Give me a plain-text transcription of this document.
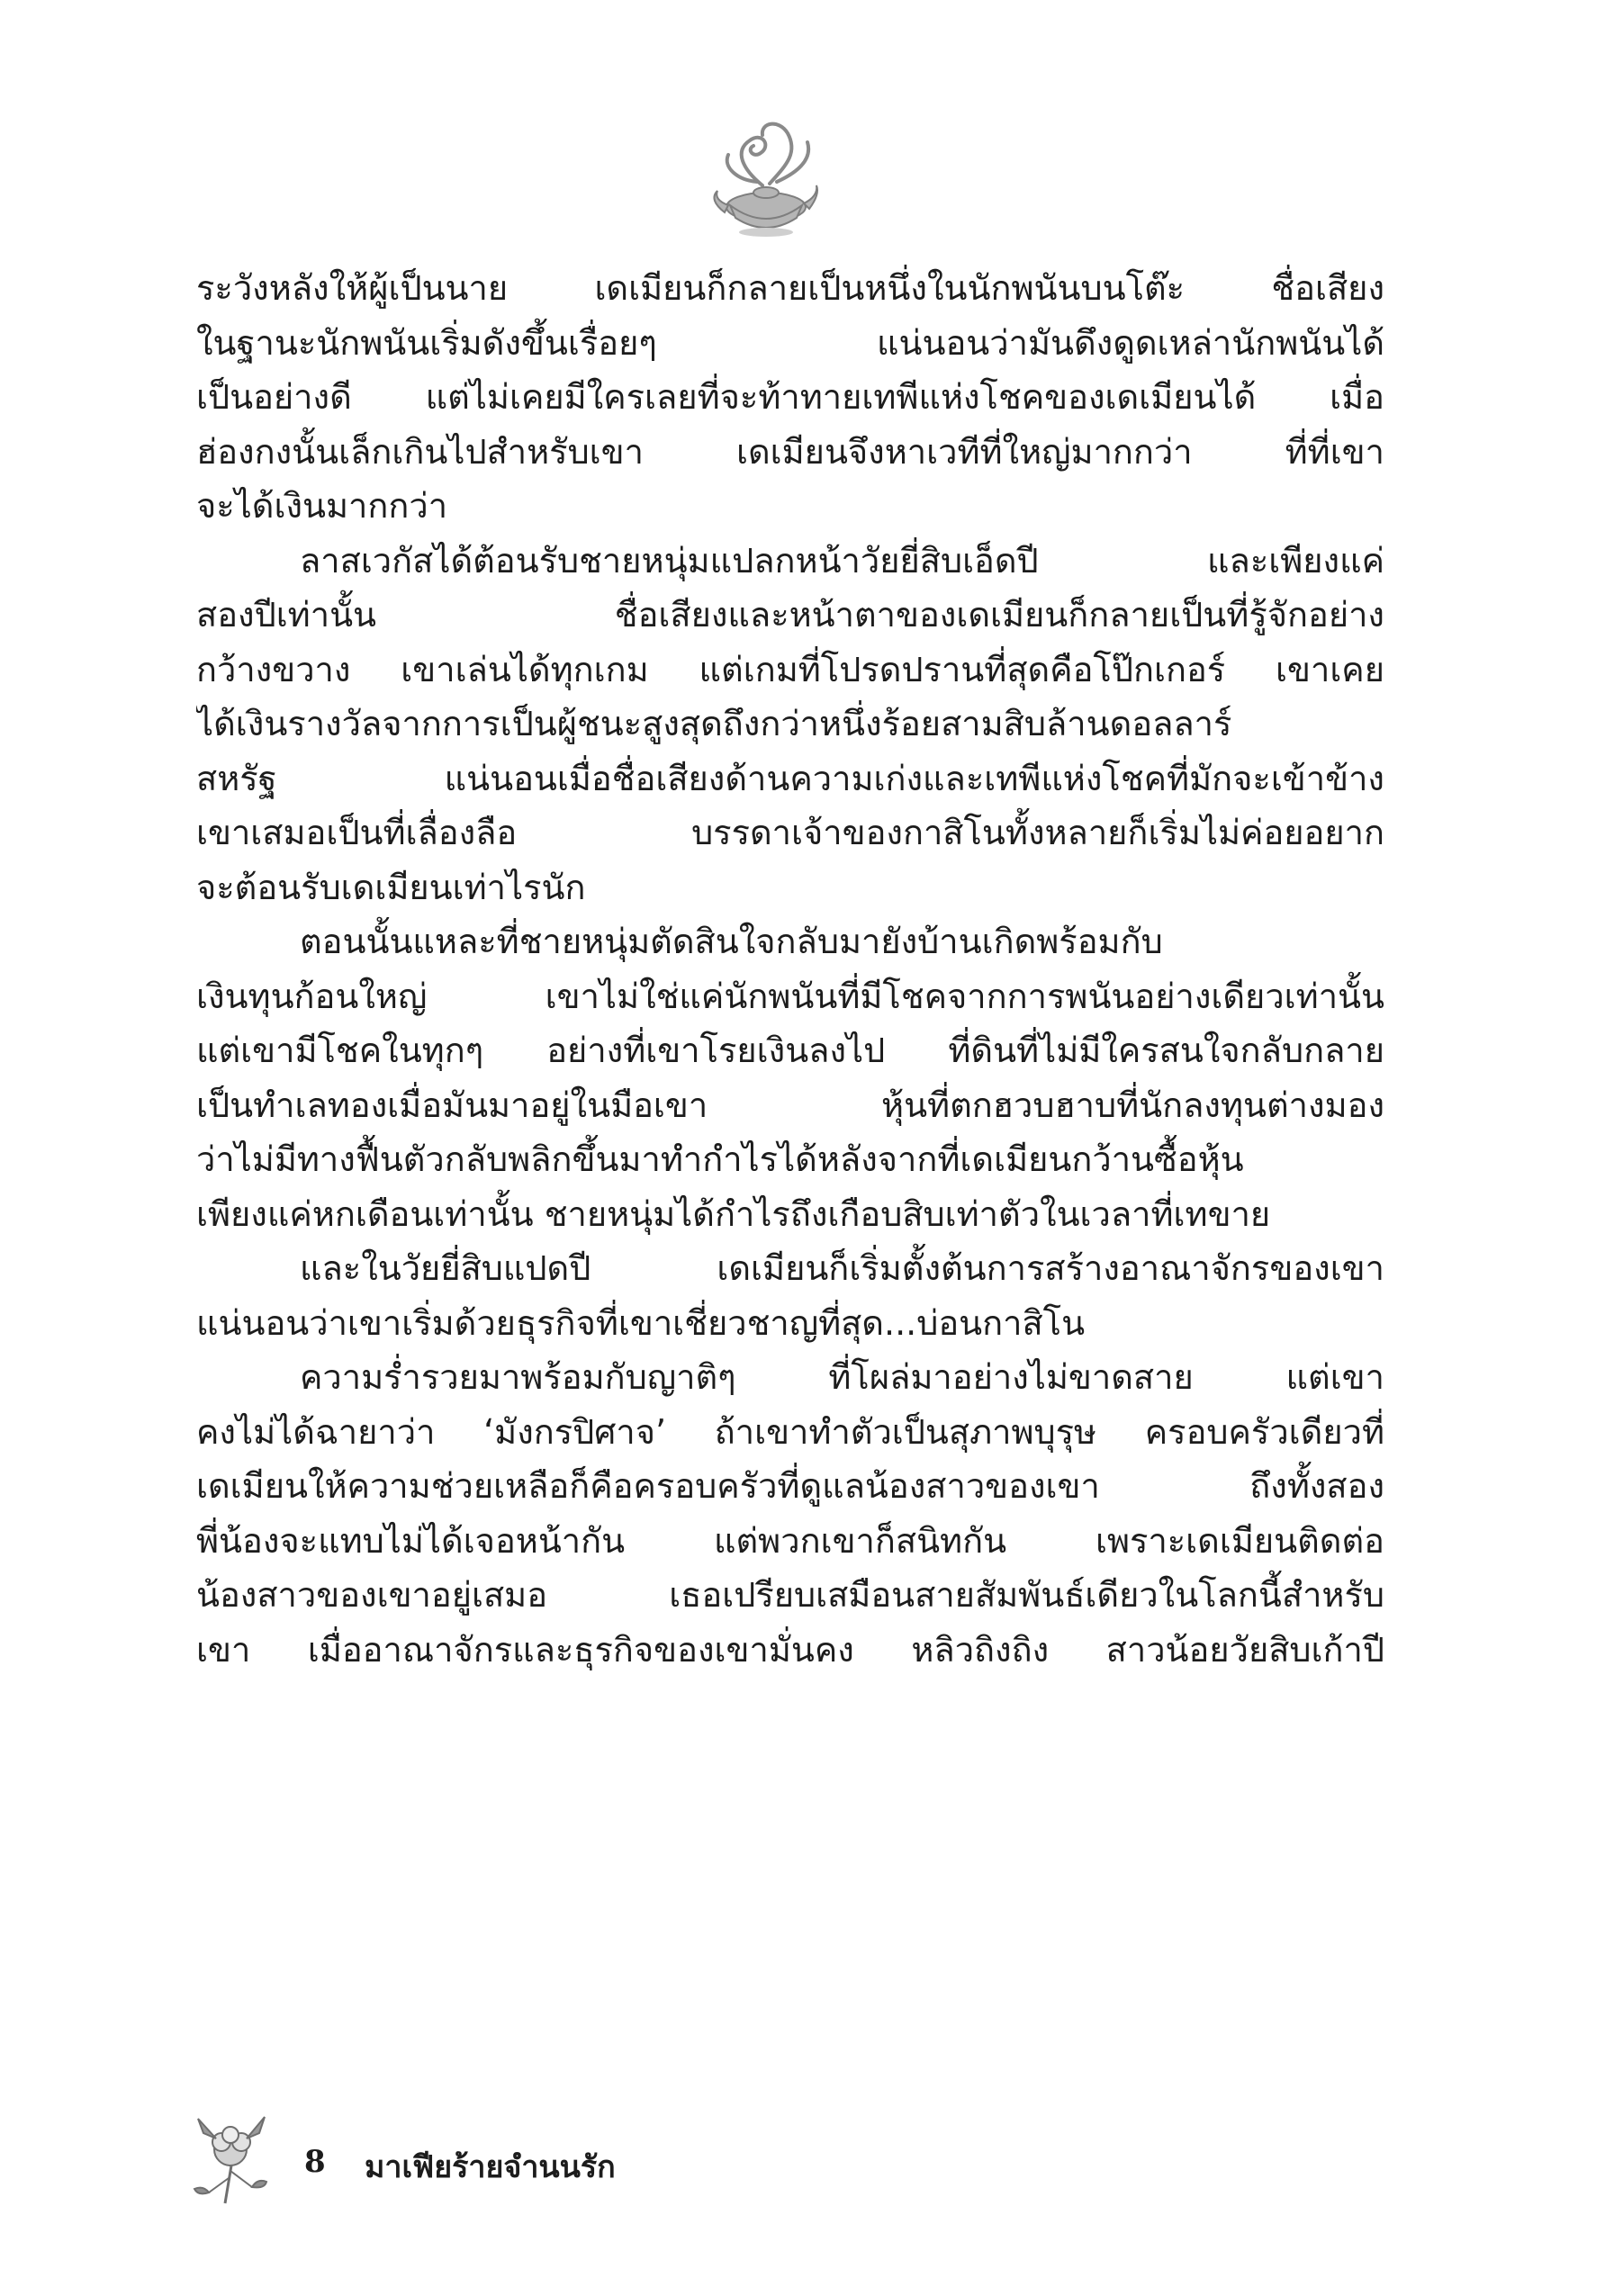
ระวังหลังให้ผู้เป็นนาย เดเมียนก็กลายเป็นหนึ่งในนักพนันบนโต๊ะ ชื่อเสียง
ในฐานะนักพนันเริ่มดังขึ้นเรื่อยๆ แน่นอนว่ามันดึงดูดเหล่านักพนันได้
เป็นอย่างดี แต่ไม่เคยมีใครเลยที่จะท้าทายเทพีแห่งโชคของเดเมียนได้ เมื่อ
ฮ่องกงนั้นเล็กเกินไปสำหรับเขา เดเมียนจึงหาเวทีที่ใหญ่มากกว่า ที่ที่เขา
จะได้เงินมากกว่า
ลาสเวกัสได้ต้อนรับชายหนุ่มแปลกหน้าวัยยี่สิบเอ็ดปี และเพียงแค่
สองปีเท่านั้น ชื่อเสียงและหน้าตาของเดเมียนก็กลายเป็นที่รู้จักอย่าง
กว้างขวาง เขาเล่นได้ทุกเกม แต่เกมที่โปรดปรานที่สุดคือโป๊กเกอร์ เขาเคย
ได้เงินรางวัลจากการเป็นผู้ชนะสูงสุดถึงกว่าหนึ่งร้อยสามสิบล้านดอลลาร์
สหรัฐ แน่นอนเมื่อชื่อเสียงด้านความเก่งและเทพีแห่งโชคที่มักจะเข้าข้าง
เขาเสมอเป็นที่เลื่องลือ บรรดาเจ้าของกาสิโนทั้งหลายก็เริ่มไม่ค่อยอยาก
จะต้อนรับเดเมียนเท่าไรนัก
ตอนนั้นแหละที่ชายหนุ่มตัดสินใจกลับมายังบ้านเกิดพร้อมกับ
เงินทุนก้อนใหญ่ เขาไม่ใช่แค่นักพนันที่มีโชคจากการพนันอย่างเดียวเท่านั้น
แต่เขามีโชคในทุกๆ อย่างที่เขาโรยเงินลงไป ที่ดินที่ไม่มีใครสนใจกลับกลาย
เป็นทำเลทองเมื่อมันมาอยู่ในมือเขา หุ้นที่ตกฮวบฮาบที่นักลงทุนต่างมอง
ว่าไม่มีทางฟื้นตัวกลับพลิกขึ้นมาทำกำไรได้หลังจากที่เดเมียนกว้านซื้อหุ้น
เพียงแค่หกเดือนเท่านั้น ชายหนุ่มได้กำไรถึงเกือบสิบเท่าตัวในเวลาที่เทขาย
และในวัยยี่สิบแปดปี เดเมียนก็เริ่มตั้งต้นการสร้างอาณาจักรของเขา
แน่นอนว่าเขาเริ่มด้วยธุรกิจที่เขาเชี่ยวชาญที่สุด...บ่อนกาสิโน
ความร่ำรวยมาพร้อมกับญาติๆ ที่โผล่มาอย่างไม่ขาดสาย แต่เขา
คงไม่ได้ฉายาว่า ‘มังกรปิศาจ’ ถ้าเขาทำตัวเป็นสุภาพบุรุษ ครอบครัวเดียวที่
เดเมียนให้ความช่วยเหลือก็คือครอบครัวที่ดูแลน้องสาวของเขา ถึงทั้งสอง
พี่น้องจะแทบไม่ได้เจอหน้ากัน แต่พวกเขาก็สนิทกัน เพราะเดเมียนติดต่อ
น้องสาวของเขาอยู่เสมอ เธอเปรียบเสมือนสายสัมพันธ์เดียวในโลกนี้สำหรับ
เขา เมื่ออาณาจักรและธุรกิจของเขามั่นคง หลิวถิงถิง สาวน้อยวัยสิบเก้าปี
8 มาเฟียร้ายจำนนรัก
